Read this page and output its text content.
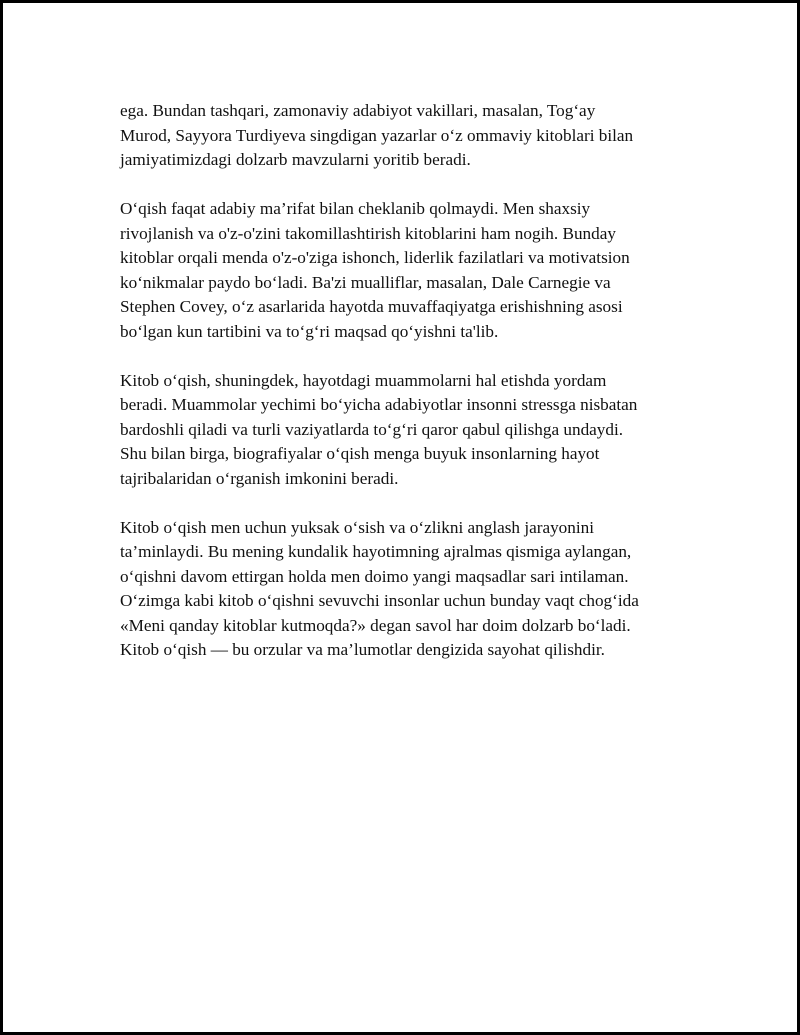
ega. Bundan tashqari, zamonaviy adabiyot vakillari, masalan, Tog‘ay
Murod, Sayyora Turdiyeva singdigan yazarlar o‘z ommaviy kitoblari bilan
jamiyatimizdagi dolzarb mavzularni yoritib beradi.

O‘qish faqat adabiy ma’rifat bilan cheklanib qolmaydi. Men shaxsiy
rivojlanish va o'z-o'zini takomillashtirish kitoblarini ham nogih. Bunday
kitoblar orqali menda o'z-o'ziga ishonch, liderlik fazilatlari va motivatsion
ko‘nikmalar paydo bo‘ladi. Ba'zi mualliflar, masalan, Dale Carnegie va
Stephen Covey, o‘z asarlarida hayotda muvaffaqiyatga erishishning asosi
bo‘lgan kun tartibini va to‘g‘ri maqsad qo‘yishni ta'lib.

Kitob o‘qish, shuningdek, hayotdagi muammolarni hal etishda yordam
beradi. Muammolar yechimi bo‘yicha adabiyotlar insonni stressga nisbatan
bardoshli qiladi va turli vaziyatlarda to‘g‘ri qaror qabul qilishga undaydi.
Shu bilan birga, biografiyalar o‘qish menga buyuk insonlarning hayot
tajribalaridan o‘rganish imkonini beradi.

Kitob o‘qish men uchun yuksak o‘sish va o‘zlikni anglash jarayonini
ta’minlaydi. Bu mening kundalik hayotimning ajralmas qismiga aylangan,
o‘qishni davom ettirgan holda men doimo yangi maqsadlar sari intilaman.
O‘zimga kabi kitob o‘qishni sevuvchi insonlar uchun bunday vaqt chog‘ida
«Meni qanday kitoblar kutmoqda?» degan savol har doim dolzarb bo‘ladi.
Kitob o‘qish — bu orzular va ma’lumotlar dengizida sayohat qilishdir.
